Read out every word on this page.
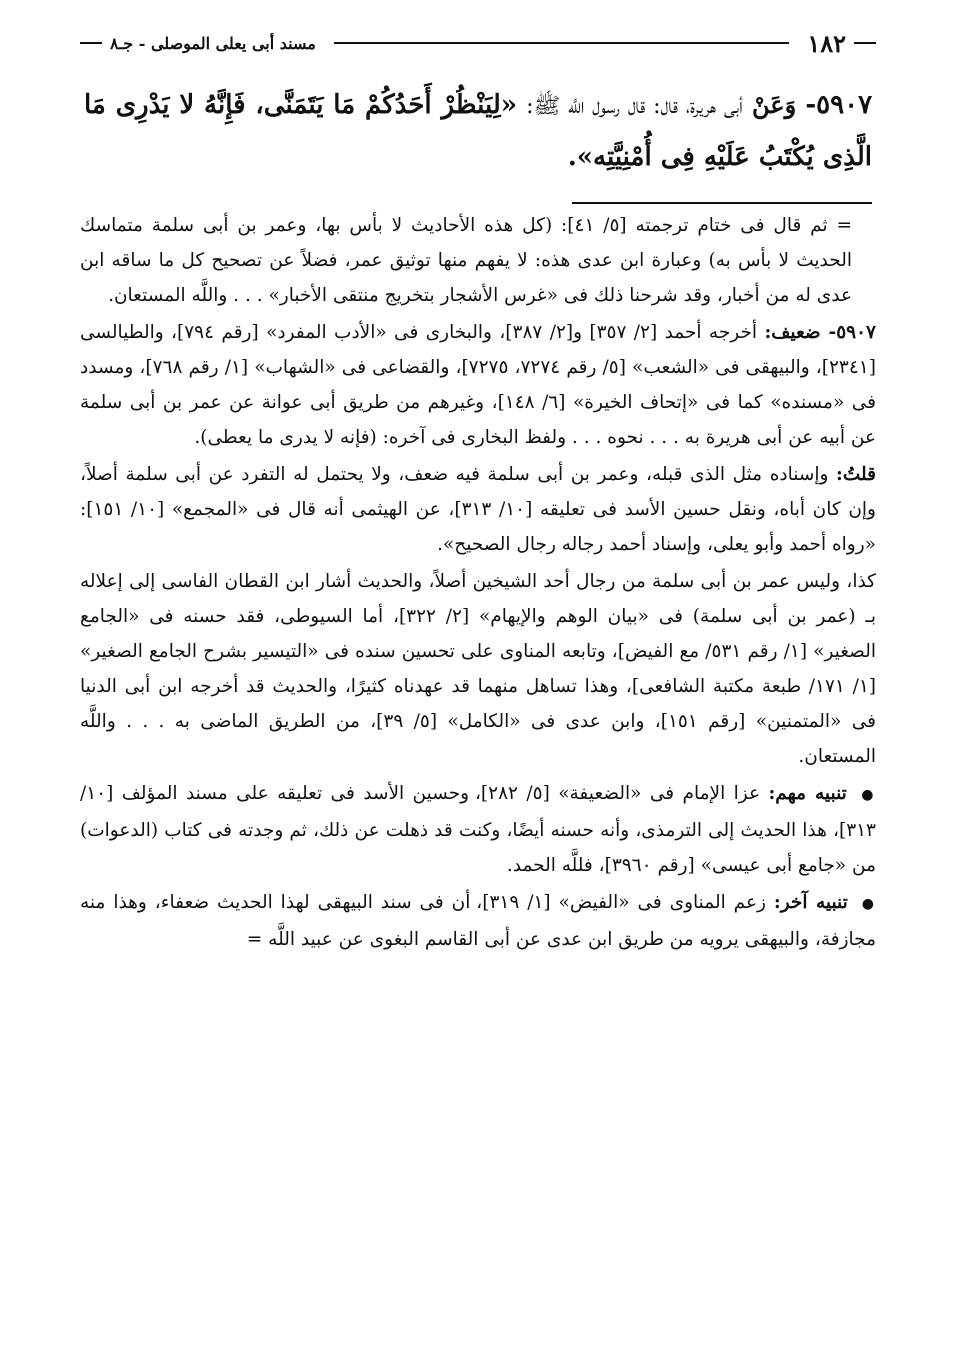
١٨٢
مسند أبى يعلى الموصلى - جـ٨
٥٩٠٧- وَعَنْ أبى هريرة، قال: قال رسول اللَّه ﷺ: «لِيَنْظُرْ أَحَدُكُمْ مَا يَتَمَنَّى، فَإِنَّهُ لا يَدْرِى مَا الَّذِى يُكْتَبُ عَلَيْهِ فِى أُمْنِيَّتِه».

= ثم قال فى ختام ترجمته [٥/ ٤١]: (كل هذه الأحاديث لا بأس بها، وعمر بن أبى سلمة متماسك الحديث لا بأس به) وعبارة ابن عدى هذه: لا يفهم منها توثيق عمر، فضلاً عن تصحيح كل ما ساقه ابن عدى له من أخبار، وقد شرحنا ذلك فى «غرس الأشجار بتخريج منتقى الأخبار» . . . واللَّه المستعان.

٥٩٠٧- ضعيف: أخرجه أحمد [٢/ ٣٥٧] و[٢/ ٣٨٧]، والبخارى فى «الأدب المفرد» [رقم ٧٩٤]، والطيالسى [٢٣٤١]، والبيهقى فى «الشعب» [٥/ رقم ٧٢٧٤، ٧٢٧٥]، والقضاعى فى «الشهاب» [١/ رقم ٧٦٨]، ومسدد فى «مسنده» كما فى «إتحاف الخيرة» [٦/ ١٤٨]، وغيرهم من طريق أبى عوانة عن عمر بن أبى سلمة عن أبيه عن أبى هريرة به . . . نحوه . . . ولفظ البخارى فى آخره: (فإنه لا يدرى ما يعطى).

قلتُ: وإسناده مثل الذى قبله، وعمر بن أبى سلمة فيه ضعف، ولا يحتمل له التفرد عن أبى سلمة أصلاً، وإن كان أباه، ونقل حسين الأسد فى تعليقه [١٠/ ٣١٣]، عن الهيثمى أنه قال فى «المجمع» [١٠/ ١٥١]: «رواه أحمد وأبو يعلى، وإسناد أحمد رجاله رجال الصحيح».

كذا، وليس عمر بن أبى سلمة من رجال أحد الشيخين أصلاً، والحديث أشار ابن القطان الفاسى إلى إعلاله بـ (عمر بن أبى سلمة) فى «بيان الوهم والإيهام» [٢/ ٣٢٢]، أما السيوطى، فقد حسنه فى «الجامع الصغير» [١/ رقم ٥٣١/ مع الفيض]، وتابعه المناوى على تحسين سنده فى «التيسير بشرح الجامع الصغير» [١/ ١٧١/ طبعة مكتبة الشافعى]، وهذا تساهل منهما قد عهدناه كثيرًا، والحديث قد أخرجه ابن أبى الدنيا فى «المتمنين» [رقم ١٥١]، وابن عدى فى «الكامل» [٥/ ٣٩]، من الطريق الماضى به . . . واللَّه المستعان.

● تنبيه مهم: عزا الإمام فى «الضعيفة» [٥/ ٢٨٢]، وحسين الأسد فى تعليقه على مسند المؤلف [١٠/ ٣١٣]، هذا الحديث إلى الترمذى، وأنه حسنه أيضًا، وكنت قد ذهلت عن ذلك، ثم وجدته فى كتاب (الدعوات) من «جامع أبى عيسى» [رقم ٣٩٦٠]، فللَّه الحمد.

● تنبيه آخر: زعم المناوى فى «الفيض» [١/ ٣١٩]، أن فى سند البيهقى لهذا الحديث ضعفاء، وهذا منه مجازفة، والبيهقى يرويه من طريق ابن عدى عن أبى القاسم البغوى عن عبيد اللَّه =
